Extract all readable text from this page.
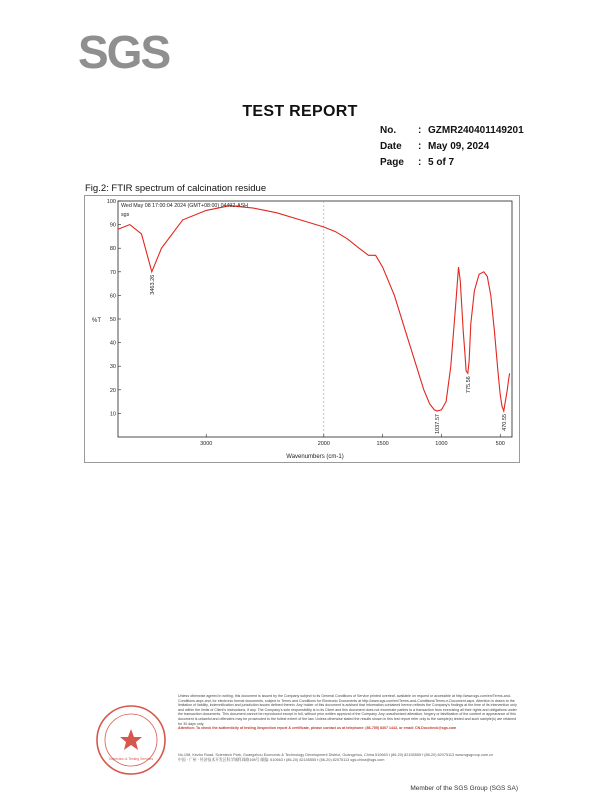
SGS
TEST REPORT
No. : GZMR240401149201
Date : May 09, 2024
Page : 5 of 7
Fig.2: FTIR spectrum of calcination residue
10
20
30
40
50
60
70
80
90
100
3000	2000	1500	1000	500
3463.26
1037.57
775.56
470.55
Wed May 08 17:00:04 2024 (GMT+08:00) 04492-ASH
sgs
Wavenumbers (cm-1)
%T
Inspection & Testing Services
Unless otherwise agreed in writing, this document is issued by the Company subject to its General Conditions of Service printed overleaf, available on request or accessible at http://www.sgs.com/en/Terms-and-Conditions.aspx and, for electronic format documents, subject to Terms and Conditions for Electronic Documents at http://www.sgs.com/en/Terms-and-Conditions/Terms-e-Document.aspx. Attention is drawn to the limitation of liability, indemnification and jurisdiction issues defined therein. Any holder of this document is advised that information contained hereon reflects the Company's findings at the time of its intervention only and within the limits of Client's instructions, if any. The Company's sole responsibility is to its Client and this document does not exonerate parties to a transaction from exercising all their rights and obligations under the transaction documents. This document cannot be reproduced except in full, without prior written approval of the Company. Any unauthorized alteration, forgery or falsification of the content or appearance of this document is unlawful and offenders may be prosecuted to the fullest extent of the law. Unless otherwise stated the results shown in this test report refer only to the sample(s) tested and such sample(s) are retained for 30 days only.
Attention: To check the authenticity of testing /inspection report & certificate, please contact us at telephone: (86-755) 8307 1443, or email: CN.Doccheck@sgs.com
No.198, Kezhu Road, Scientech Park, Guangzhou Economic & Technology Development District, Guangzhou, China 510663 t (86-20) 82155555 f (86-20) 82075113 www.sgsgroup.com.cn
中国 · 广州 · 经济技术开发区科学城科珠路198号 邮编: 510663 t (86-20) 82155555 f (86-20) 82075113 sgs.china@sgs.com
Member of the SGS Group (SGS SA)
